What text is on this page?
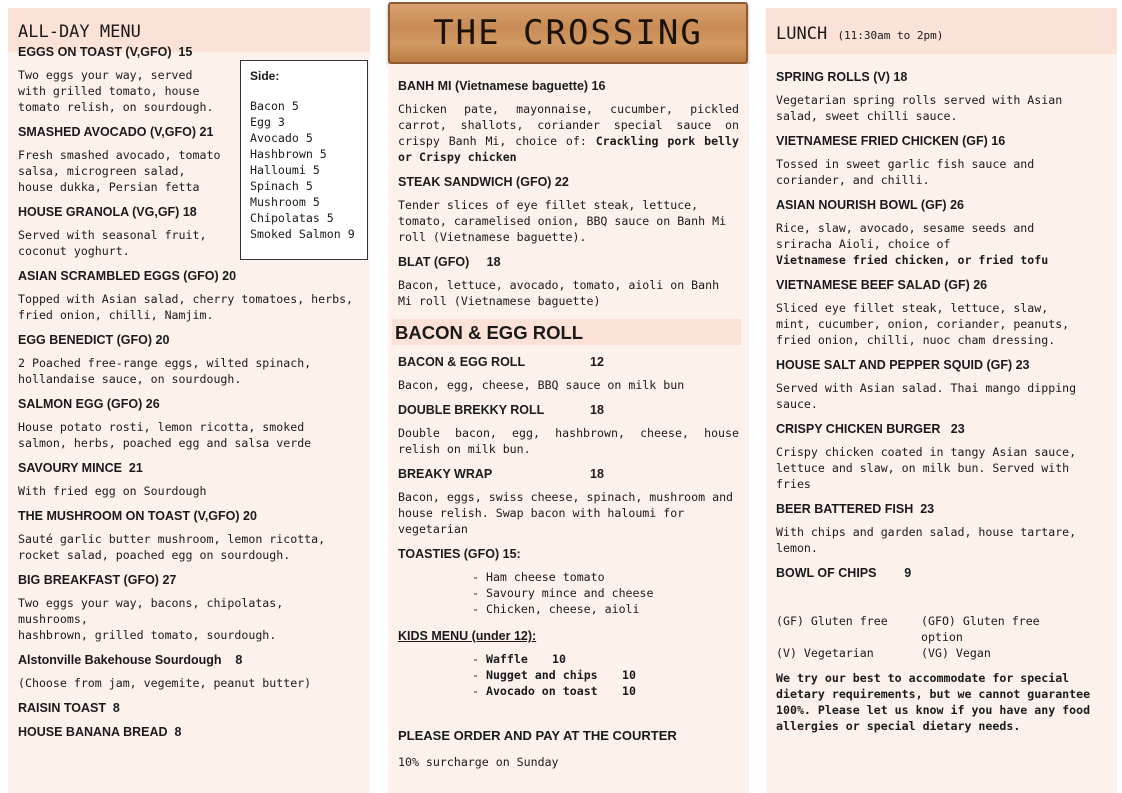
THE CROSSING
ALL-DAY MENU
EGGS ON TOAST (V,GFO)  15
Two eggs your way, served
with grilled tomato, house
tomato relish, on sourdough.
SMASHED AVOCADO (V,GFO) 21
Fresh smashed avocado, tomato
salsa, microgreen salad,
house dukka, Persian fetta
HOUSE GRANOLA (VG,GF) 18
Served with seasonal fruit,
coconut yoghurt.
ASIAN SCRAMBLED EGGS (GFO) 20
Topped with Asian salad, cherry tomatoes, herbs,
fried onion, chilli, Namjim.
EGG BENEDICT (GFO) 20
2 Poached free-range eggs, wilted spinach,
hollandaise sauce, on sourdough.
SALMON EGG (GFO) 26
House potato rosti, lemon ricotta, smoked
salmon, herbs, poached egg and salsa verde
SAVOURY MINCE  21
With fried egg on Sourdough
THE MUSHROOM ON TOAST (V,GFO) 20
Sauté garlic butter mushroom, lemon ricotta,
rocket salad, poached egg on sourdough.
BIG BREAKFAST (GFO) 27
Two eggs your way, bacons, chipolatas, mushrooms,
hashbrown, grilled tomato, sourdough.
Alstonville Bakehouse Sourdough    8
(Choose from jam, vegemite, peanut butter)
RAISIN TOAST  8
HOUSE BANANA BREAD  8
Side:
Bacon 5
Egg 3
Avocado 5
Hashbrown 5
Halloumi 5
Spinach 5
Mushroom 5
Chipolatas 5
Smoked Salmon 9
BANH MI (Vietnamese baguette) 16
Chicken pate, mayonnaise, cucumber, pickled carrot, shallots, coriander special sauce on crispy Banh Mi, choice of: Crackling pork belly or Crispy chicken
STEAK SANDWICH (GFO) 22
Tender slices of eye fillet steak, lettuce,
tomato, caramelised onion, BBQ sauce on Banh Mi
roll (Vietnamese baguette).
BLAT (GFO)     18
Bacon, lettuce, avocado, tomato, aioli on Banh
Mi roll (Vietnamese baguette)
BACON & EGG ROLL
BACON & EGG ROLL	12
Bacon, egg, cheese, BBQ sauce on milk bun
DOUBLE BREKKY ROLL	18
Double bacon, egg, hashbrown, cheese, house relish on milk bun.
BREAKY WRAP	18
Bacon, eggs, swiss cheese, spinach, mushroom and
house relish. Swap bacon with haloumi for
vegetarian
TOASTIES (GFO) 15:
- Ham cheese tomato
- Savoury mince and cheese
- Chicken, cheese, aioli
KIDS MENU (under 12):
- Waffle 10
- Nugget and chips 10
- Avocado on toast 10
PLEASE ORDER AND PAY AT THE COURTER
10% surcharge on Sunday
LUNCH (11:30am to 2pm)
SPRING ROLLS (V) 18
Vegetarian spring rolls served with Asian
salad, sweet chilli sauce.
VIETNAMESE FRIED CHICKEN (GF) 16
Tossed in sweet garlic fish sauce and
coriander, and chilli.
ASIAN NOURISH BOWL (GF) 26
Rice, slaw, avocado, sesame seeds and
sriracha Aioli, choice of
Vietnamese fried chicken, or fried tofu
VIETNAMESE BEEF SALAD (GF) 26
Sliced eye fillet steak, lettuce, slaw,
mint, cucumber, onion, coriander, peanuts,
fried onion, chilli, nuoc cham dressing.
HOUSE SALT AND PEPPER SQUID (GF) 23
Served with Asian salad. Thai mango dipping
sauce.
CRISPY CHICKEN BURGER   23
Crispy chicken coated in tangy Asian sauce,
lettuce and slaw, on milk bun. Served with
fries
BEER BATTERED FISH  23
With chips and garden salad, house tartare,
lemon.
BOWL OF CHIPS        9
(GF) Gluten free	(GFO) Gluten free option
(V) Vegetarian	(VG) Vegan
We try our best to accommodate for special dietary requirements, but we cannot guarantee 100%. Please let us know if you have any food allergies or special dietary needs.
